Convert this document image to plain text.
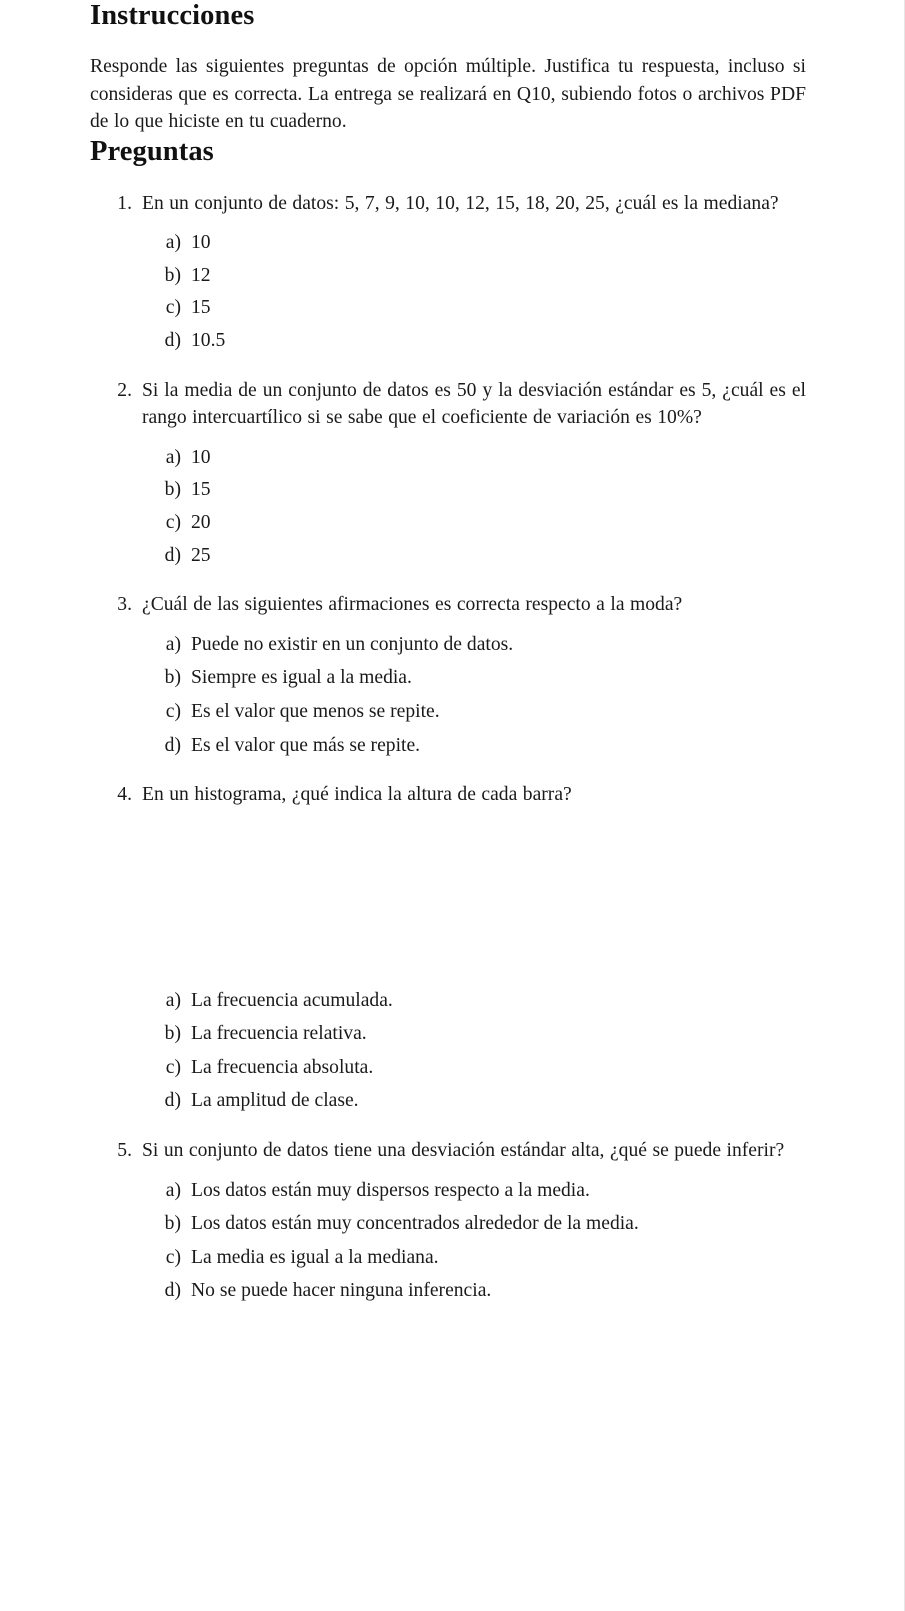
Instrucciones

Responde las siguientes preguntas de opción múltiple. Justifica tu respuesta, incluso si consideras que es correcta. La entrega se realizará en Q10, subiendo fotos o archivos PDF de lo que hiciste en tu cuaderno.

Preguntas
1. En un conjunto de datos: 5, 7, 9, 10, 10, 12, 15, 18, 20, 25, ¿cuál es la mediana?
a) 10
b) 12
c) 15
d) 10.5
2. Si la media de un conjunto de datos es 50 y la desviación estándar es 5, ¿cuál es el rango intercuartílico si se sabe que el coeficiente de variación es 10%?
a) 10
b) 15
c) 20
d) 25
3. ¿Cuál de las siguientes afirmaciones es correcta respecto a la moda?
a) Puede no existir en un conjunto de datos.
b) Siempre es igual a la media.
c) Es el valor que menos se repite.
d) Es el valor que más se repite.
4. En un histograma, ¿qué indica la altura de cada barra?
a) La frecuencia acumulada.
b) La frecuencia relativa.
c) La frecuencia absoluta.
d) La amplitud de clase.
5. Si un conjunto de datos tiene una desviación estándar alta, ¿qué se puede inferir?
a) Los datos están muy dispersos respecto a la media.
b) Los datos están muy concentrados alrededor de la media.
c) La media es igual a la mediana.
d) No se puede hacer ninguna inferencia.
